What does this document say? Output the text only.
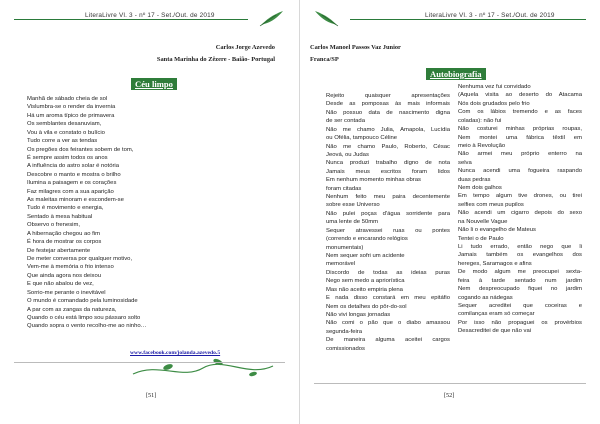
LiteraLivre Vl. 3 - nº 17 - Set./Out. de 2019
Carlos Jorge Azevedo
Santa Marinha do Zêzere - Baião- Portugal
Céu limpo
Manhã de sábado cheia de sol
Vislumbra-se o render da invernia
Há um aroma típico de primavera
Os semblantes desanuviam,
Vou à vila e constato o bulício
Tudo corre a ver as tendas
Os pregões dos feirantes sobem de tom,
É sempre assim todos os anos
A influência do astro solar é notória
Descobre o manto e mostra o brilho
Ilumina a paisagem e os corações
Faz milagres com a sua aparição
As maleitas minoram e escondem-se
Tudo é movimento e energia,
Sentado à mesa habitual
Observo o frenesim,
A hibernação chegou ao fim
É hora de mostrar os corpos
De festejar abertamente
De meter conversa por qualquer motivo,
Vem-me à memória o frio intenso
Que ainda agora nos deixou
E que não abalou de vez,
Sorrio-me perante o inevitável
O mundo é comandado pela luminosidade
A par com as zangas da natureza,
Quando o céu está limpo sou pássaro solto
Quando sopra o vento recolho-me ao ninho…
www.facebook.com/jolanda.azevedo.5
[51]
LiteraLivre Vl. 3 - nº 17 - Set./Out. de 2019
Carlos Manoel Passos Vaz Junior
Franca/SP
Autobiografia
Rejeito quaisquer apresentações
Desde as pomposas às mais informais
Não possuo data de nascimento digna
de ser contada
Não me chamo Julia, Amapola, Lucídia
ou Ofélia, tampouco Céline
Não me chamo Paulo, Roberto, Césac
Jeová, ou Judas
Nunca produzi trabalho digno de nota
Jamais meus escritos foram lidos
Em nenhum momento minhas obras
foram citadas
Nenhum feito meu paira decentemente
sobre esse Universo
Não pulei poças d'água sorridente para
uma lente de 50mm
Sequer atravessei ruas ou pontes
(correndo e encarando relógios
monumentais)
Nem sequer sofri um acidente
memorável
Discordo de todas as ideias puras
Nego sem medo a apriorística
Mas não aceito empiria plena
E nada disso constará em meu epitáfio
Nem os detalhes do pôr-do-sol
Não vivi longas jornadas
Não comi o pão que o diabo amassou
segunda-feira
De maneira alguma aceitei cargos
comissionados
Nenhuma vez fui convidado
(Aquela visita ao deserto do Atacama
Nós dois grudados pelo frio
Com os lábios tremendo e as faces
coladas): não fui
Não costurei minhas próprias roupas,
Nem montei uma fábrica têxtil em
meio à Revolução
Não armei meu próprio enterro na
selva
Nunca acendi uma fogueira raspando
duas pedras
Nem dois galhos
Em tempo algum tive drones, ou tirei
selfies com meus pupilos
Não acendi um cigarro depois do sexo
na Nouvelle Vague
Não li o evangelho de Mateus
Tentei o de Paulo
Li tudo errado, então nego que li
Jamais também os evangelhos dos
hereges, Saramagos e afins
De modo algum me preocupei sexta-
feira à tarde sentado num jardim
Nem despreocupado fiquei no jardim
cogando as nádegas
Sequer acreditei que coceiras e
comilanças eram só começar
Por isso não propaguei os provérbios
Desacreditei de que não vai
[52]
